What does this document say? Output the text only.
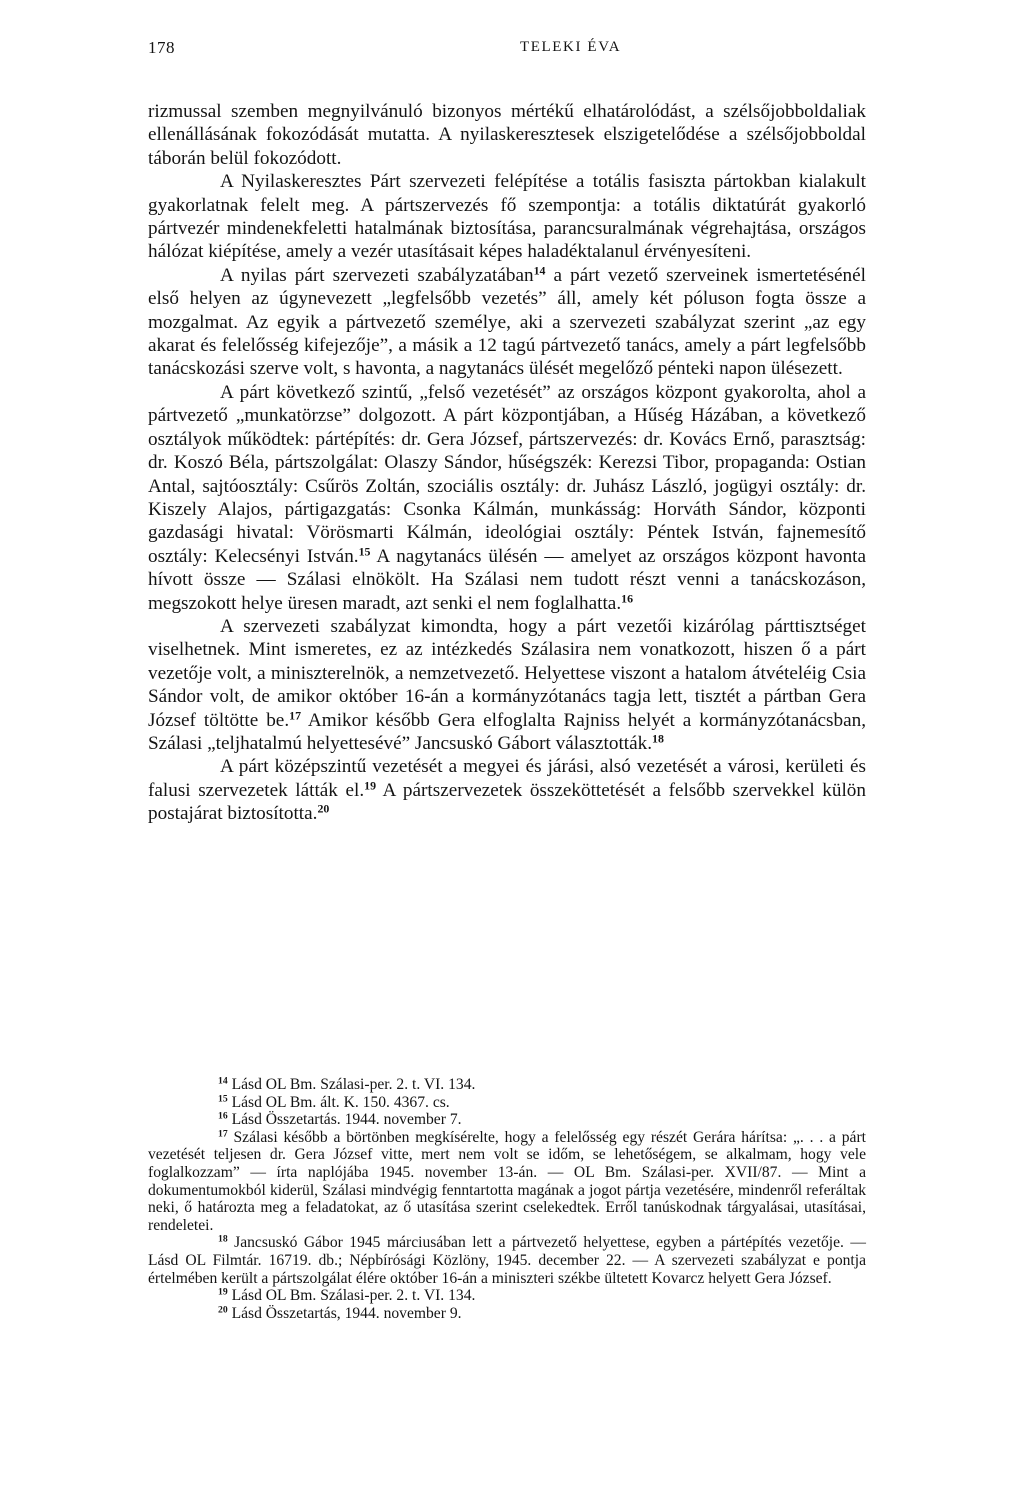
178	TELEKI ÉVA

rizmussal szemben megnyilvánuló bizonyos mértékű elhatárolódást, a szélsőjobboldaliak ellenállásának fokozódását mutatta. A nyilaskeresztesek elszigetelődése a szélsőjobboldal táborán belül fokozódott.

A Nyilaskeresztes Párt szervezeti felépítése a totális fasiszta pártokban kialakult gyakorlatnak felelt meg. A pártszervezés fő szempontja: a totális diktatúrát gyakorló pártvezér mindenekfeletti hatalmának biztosítása, parancsuralmának végrehajtása, országos hálózat kiépítése, amely a vezér utasításait képes haladéktalanul érvényesíteni.

A nyilas párt szervezeti szabályzatában$^{14}$ a párt vezető szerveinek ismertetésénél első helyen az úgynevezett „legfelsőbb vezetés” áll, amely két póluson fogta össze a mozgalmat. Az egyik a pártvezető személye, aki a szervezeti szabályzat szerint „az egy akarat és felelősség kifejezője”, a másik a 12 tagú pártvezető tanács, amely a párt legfelsőbb tanácskozási szerve volt, s havonta, a nagytanács ülését megelőző pénteki napon ülésezett.

A párt következő szintű, „felső vezetését” az országos központ gyakorolta, ahol a pártvezető „munkatörzse” dolgozott. A párt központjában, a Hűség Házában, a következő osztályok működtek: pártépítés: dr. Gera József, pártszervezés: dr. Kovács Ernő, parasztság: dr. Koszó Béla, pártszolgálat: Olaszy Sándor, hűségszék: Kerezsi Tibor, propaganda: Ostian Antal, sajtóosztály: Csűrös Zoltán, szociális osztály: dr. Juhász László, jogügyi osztály: dr. Kiszely Alajos, pártigazgatás: Csonka Kálmán, munkásság: Horváth Sándor, központi gazdasági hivatal: Vörösmarti Kálmán, ideológiai osztály: Péntek István, fajnemesítő osztály: Kelecsényi István.$^{15}$ A nagytanács ülésén — amelyet az országos központ havonta hívott össze — Szálasi elnökölt. Ha Szálasi nem tudott részt venni a tanácskozáson, megszokott helye üresen maradt, azt senki el nem foglalhatta.$^{16}$

A szervezeti szabályzat kimondta, hogy a párt vezetői kizárólag párttisztséget viselhetnek. Mint ismeretes, ez az intézkedés Szálasira nem vonatkozott, hiszen ő a párt vezetője volt, a miniszterelnök, a nemzetvezető. Helyettese viszont a hatalom átvételéig Csia Sándor volt, de amikor október 16-án a kormányzótanács tagja lett, tisztét a pártban Gera József töltötte be.$^{17}$ Amikor később Gera elfoglalta Rajniss helyét a kormányzótanácsban, Szálasi „teljhatalmú helyettesévé” Jancsuskó Gábort választották.$^{18}$

A párt középszintű vezetését a megyei és járási, alsó vezetését a városi, kerületi és falusi szervezetek látták el.$^{19}$ A pártszervezetek összeköttetését a felsőbb szervekkel külön postajárat biztosította.$^{20}$

$^{14}$ Lásd OL Bm. Szálasi-per. 2. t. VI. 134.

$^{15}$ Lásd OL Bm. ált. K. 150. 4367. cs.

$^{16}$ Lásd Összetartás. 1944. november 7.

$^{17}$ Szálasi később a börtönben megkísérelte, hogy a felelősség egy részét Gerára hárítsa: „. . . a párt vezetését teljesen dr. Gera József vitte, mert nem volt se időm, se lehetőségem, se alkalmam, hogy vele foglalkozzam” — írta naplójába 1945. november 13-án. — OL Bm. Szálasi-per. XVII/87. — Mint a dokumentumokból kiderül, Szálasi mindvégig fenntartotta magának a jogot pártja vezetésére, mindenről referáltak neki, ő határozta meg a feladatokat, az ő utasítása szerint cselekedtek. Erről tanúskodnak tárgyalásai, utasításai, rendeletei.

$^{18}$ Jancsuskó Gábor 1945 márciusában lett a pártvezető helyettese, egyben a pártépítés vezetője. — Lásd OL Filmtár. 16719. db.; Népbírósági Közlöny, 1945. december 22. — A szervezeti szabályzat e pontja értelmében került a pártszolgálat élére október 16-án a miniszteri székbe ültetett Kovarcz helyett Gera József.

$^{19}$ Lásd OL Bm. Szálasi-per. 2. t. VI. 134.

$^{20}$ Lásd Összetartás, 1944. november 9.
